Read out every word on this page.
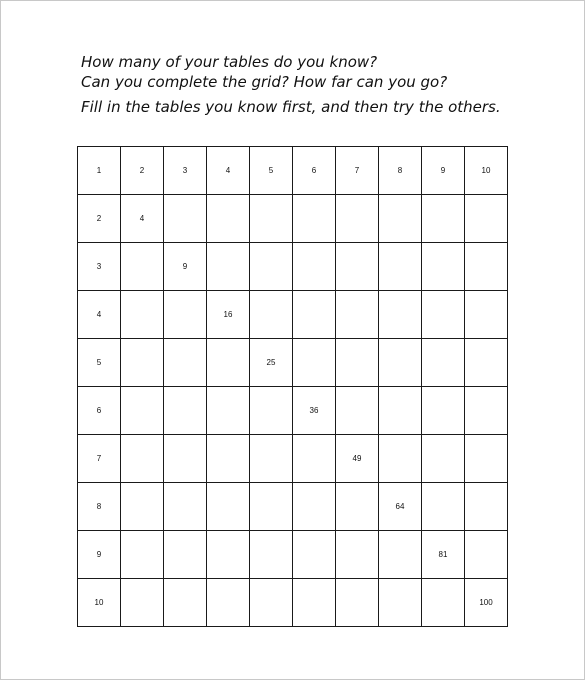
How many of your tables do you know?
Can you complete the grid? How far can you go?
Fill in the tables you know first, and then try the others.
1	2	3	4	5	6	7	8	9	10
2	4								
3		9							
4			16						
5				25					
6					36				
7						49			
8							64		
9								81	
10									100
